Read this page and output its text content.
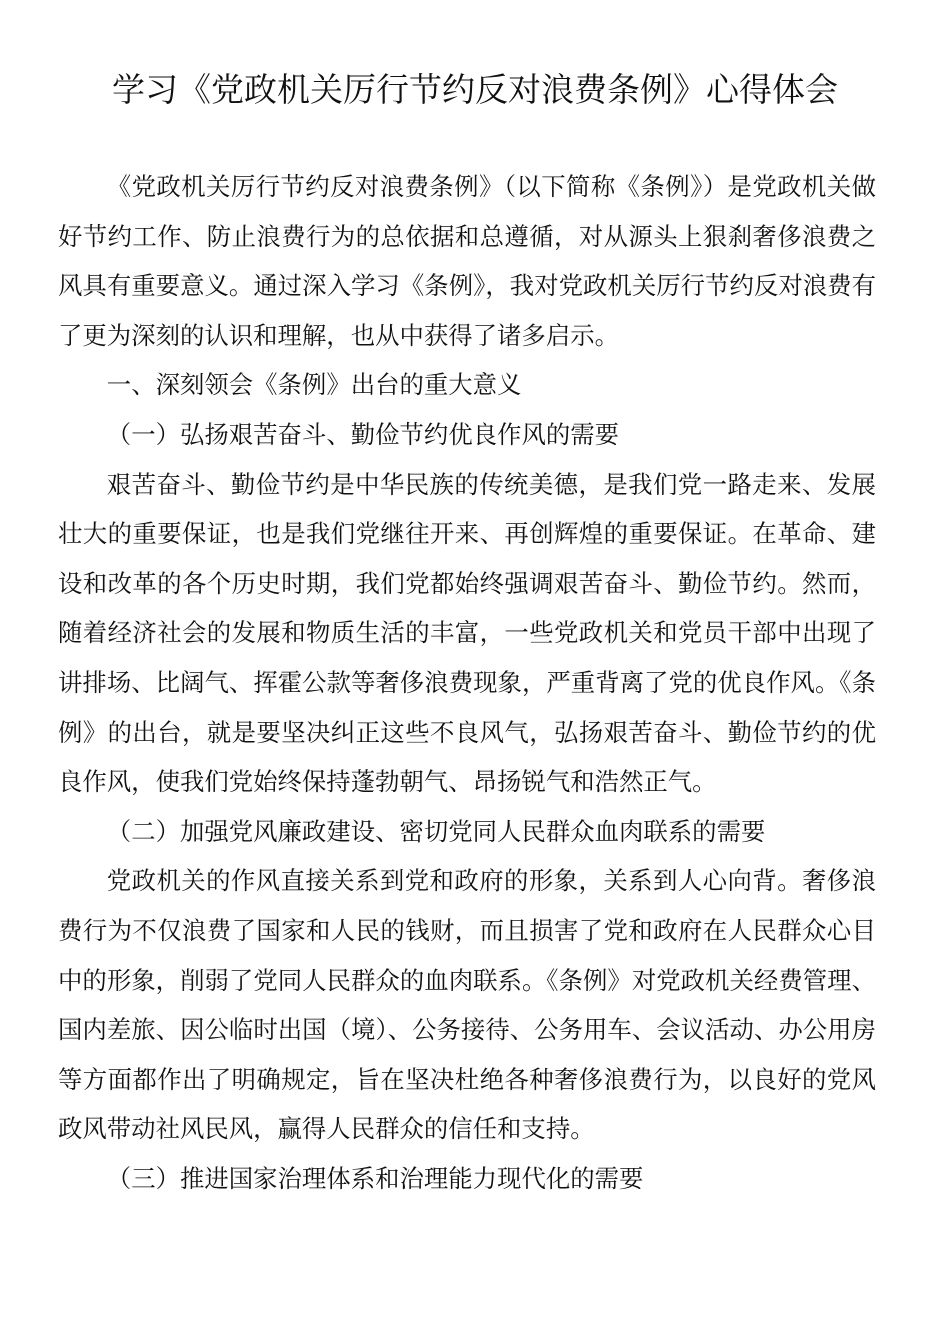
学习《党政机关厉行节约反对浪费条例》心得体会

《党政机关厉行节约反对浪费条例》（以下简称《条例》）是党政机关做好节约工作、防止浪费行为的总依据和总遵循，对从源头上狠刹奢侈浪费之风具有重要意义。通过深入学习《条例》，我对党政机关厉行节约反对浪费有了更为深刻的认识和理解，也从中获得了诸多启示。

一、深刻领会《条例》出台的重大意义

（一）弘扬艰苦奋斗、勤俭节约优良作风的需要

艰苦奋斗、勤俭节约是中华民族的传统美德，是我们党一路走来、发展壮大的重要保证，也是我们党继往开来、再创辉煌的重要保证。在革命、建设和改革的各个历史时期，我们党都始终强调艰苦奋斗、勤俭节约。然而，随着经济社会的发展和物质生活的丰富，一些党政机关和党员干部中出现了讲排场、比阔气、挥霍公款等奢侈浪费现象，严重背离了党的优良作风。《条例》的出台，就是要坚决纠正这些不良风气，弘扬艰苦奋斗、勤俭节约的优良作风，使我们党始终保持蓬勃朝气、昂扬锐气和浩然正气。

（二）加强党风廉政建设、密切党同人民群众血肉联系的需要

党政机关的作风直接关系到党和政府的形象，关系到人心向背。奢侈浪费行为不仅浪费了国家和人民的钱财，而且损害了党和政府在人民群众心目中的形象，削弱了党同人民群众的血肉联系。《条例》对党政机关经费管理、国内差旅、因公临时出国（境）、公务接待、公务用车、会议活动、办公用房等方面都作出了明确规定，旨在坚决杜绝各种奢侈浪费行为，以良好的党风政风带动社风民风，赢得人民群众的信任和支持。

（三）推进国家治理体系和治理能力现代化的需要
